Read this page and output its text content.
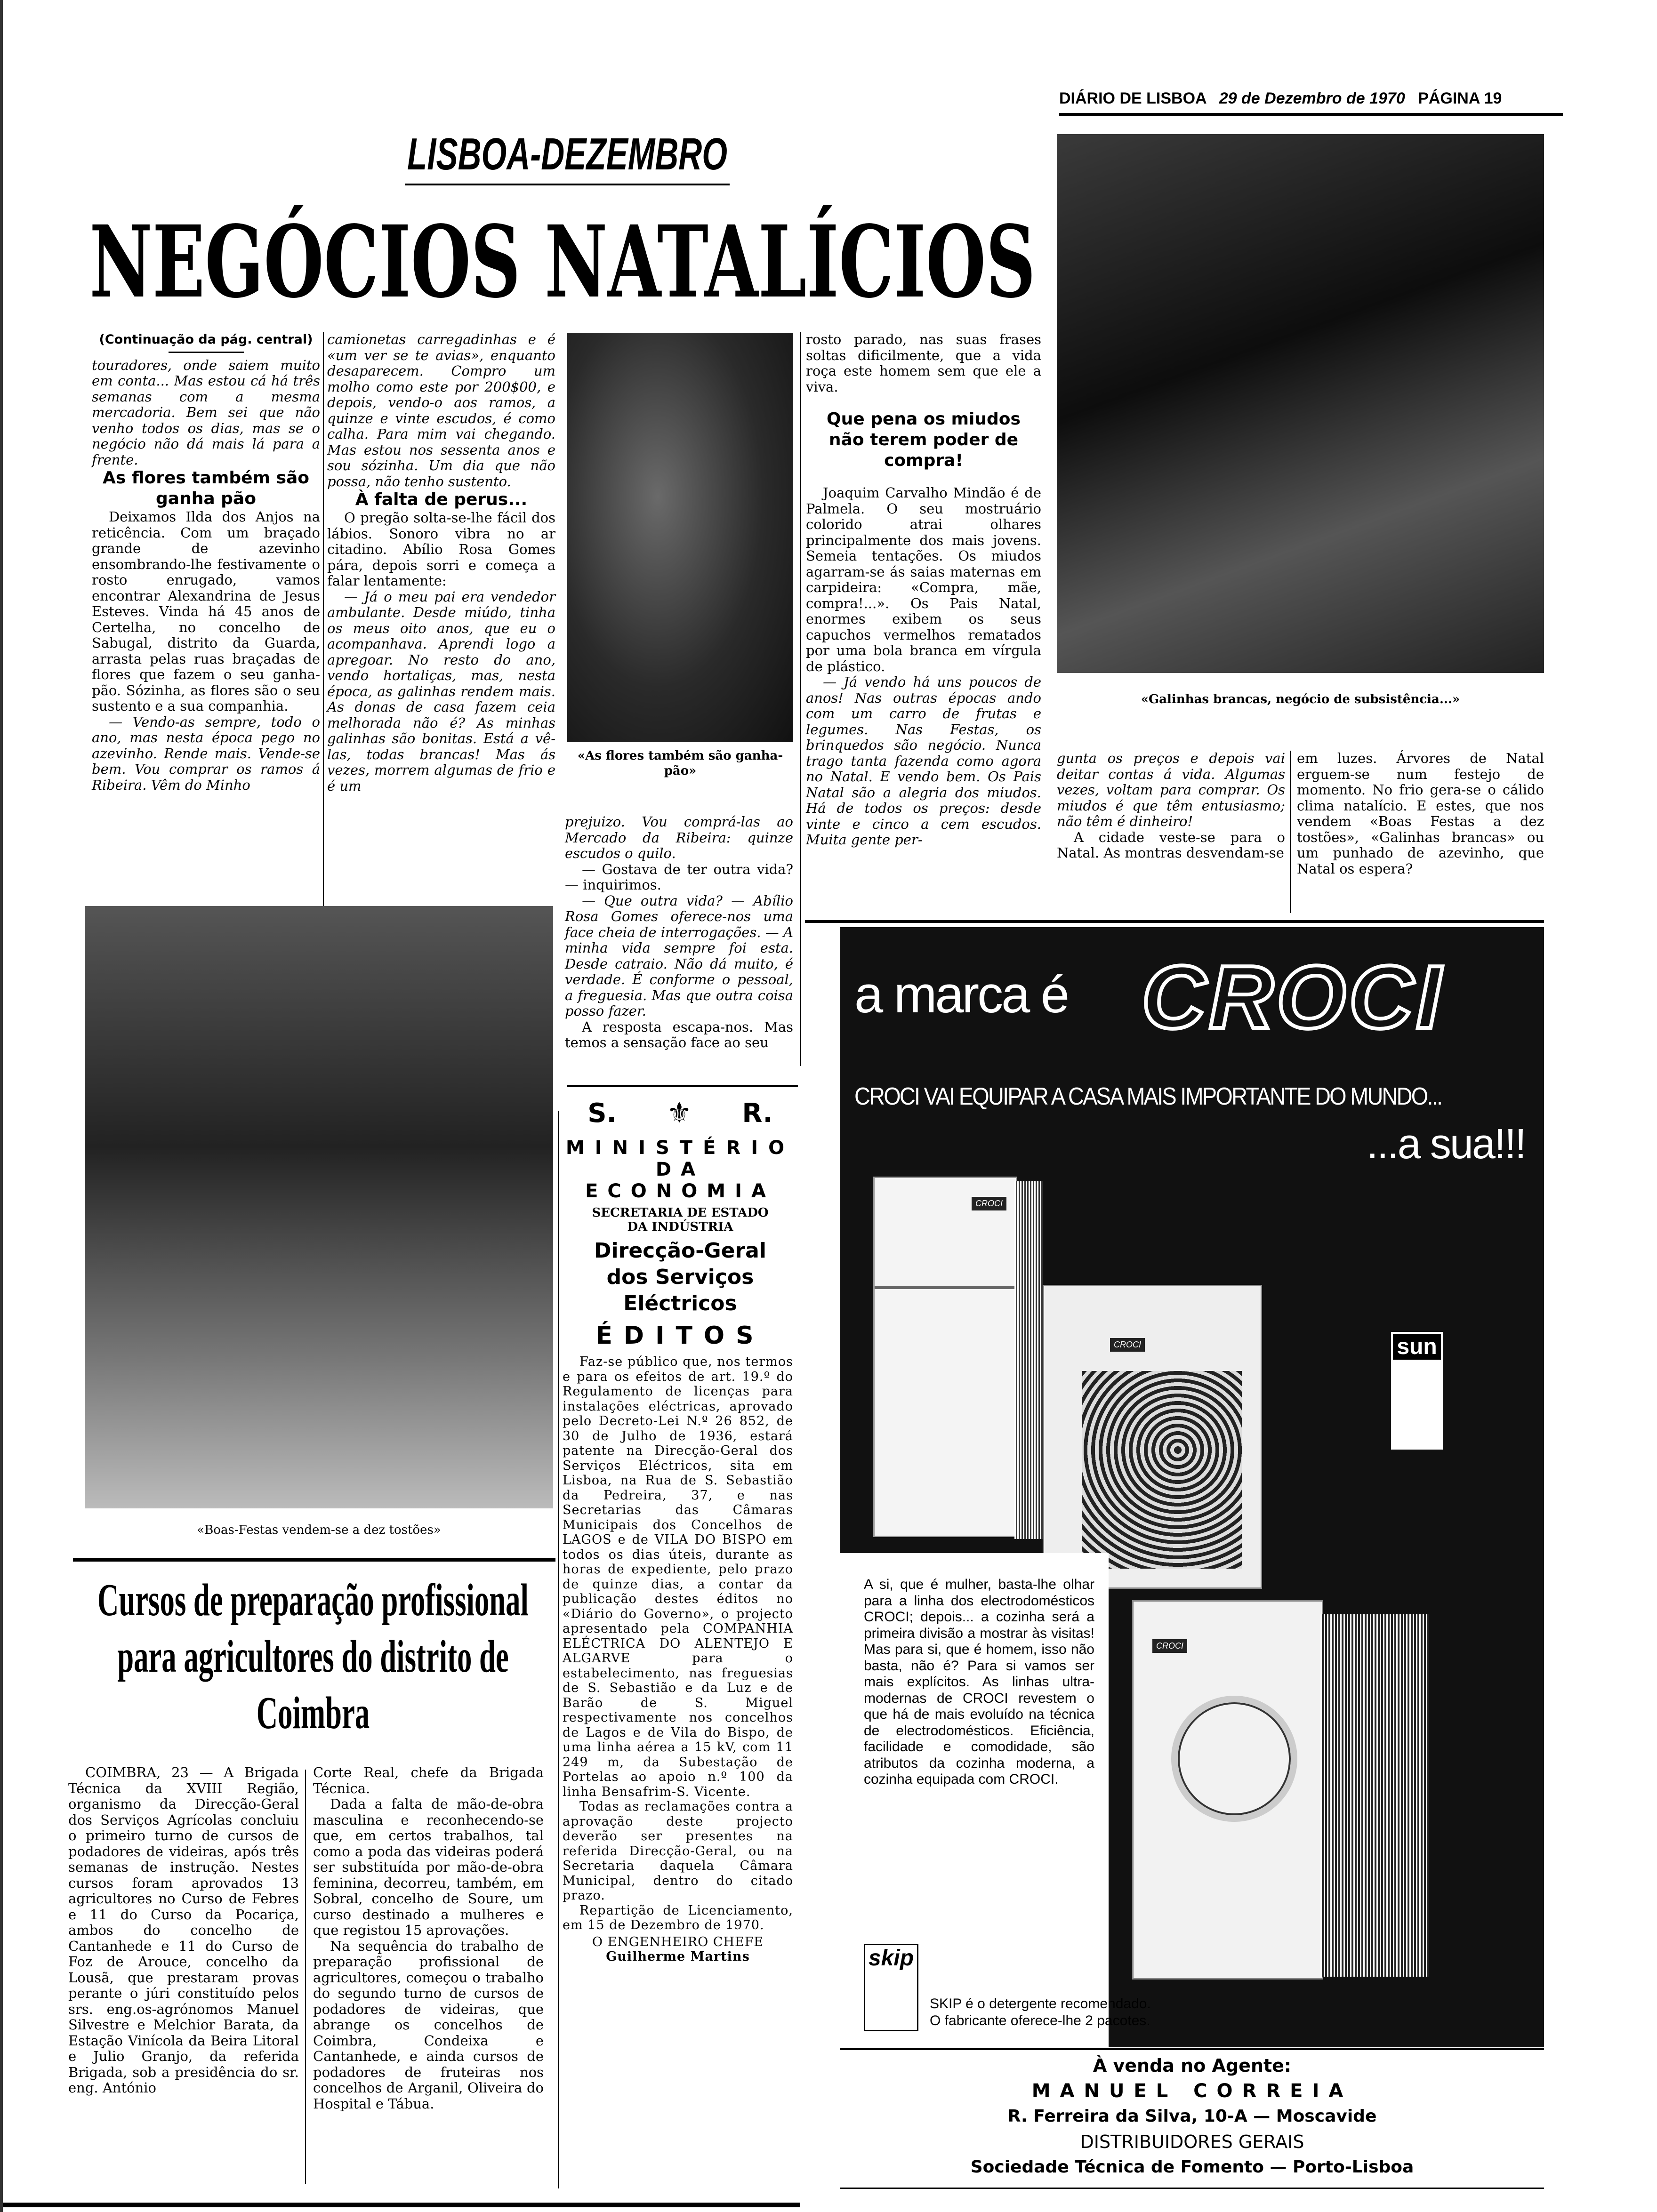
DIÁRIO DE LISBOA 29 de Dezembro de 1970 PÁGINA 19
LISBOA-DEZEMBRO
NEGÓCIOS NATALÍCIOS

(Continuação da pág. central)

touradores, onde saiem muito em conta... Mas estou cá há três semanas com a mesma mercadoria. Bem sei que não venho todos os dias, mas se o negócio não dá mais lá para a frente.

As flores também são ganha pão

Deixamos Ilda dos Anjos na reticência. Com um braçado grande de azevinho ensombrando-lhe festivamente o rosto enrugado, vamos encontrar Alexandrina de Jesus Esteves. Vinda há 45 anos de Certelha, no concelho de Sabugal, distrito da Guarda, arrasta pelas ruas braçadas de flores que fazem o seu ganha-pão. Sózinha, as flores são o seu sustento e a sua companhia.

— Vendo-as sempre, todo o ano, mas nesta época pego no azevinho. Rende mais. Vende-se bem. Vou comprar os ramos á Ribeira. Vêm do Minho

camionetas carregadinhas e é «um ver se te avias», enquanto desaparecem. Compro um molho como este por 200$00, e depois, vendo-o aos ramos, a quinze e vinte escudos, é como calha. Para mim vai chegando. Mas estou nos sessenta anos e sou sózinha. Um dia que não possa, não tenho sustento.

À falta de perus...

O pregão solta-se-lhe fácil dos lábios. Sonoro vibra no ar citadino. Abílio Rosa Gomes pára, depois sorri e começa a falar lentamente:

— Já o meu pai era vendedor ambulante. Desde miúdo, tinha os meus oito anos, que eu o acompanhava. Aprendi logo a apregoar. No resto do ano, vendo hortaliças, mas, nesta época, as galinhas rendem mais. As donas de casa fazem ceia melhorada não é? As minhas galinhas são bonitas. Está a vê-las, todas brancas! Mas ás vezes, morrem algumas de frio e é um

«As flores também são ganha-pão»

prejuizo. Vou comprá-las ao Mercado da Ribeira: quinze escudos o quilo.

— Gostava de ter outra vida? — inquirimos.

— Que outra vida? — Abílio Rosa Gomes oferece-nos uma face cheia de interrogações. — A minha vida sempre foi esta. Desde catraio. Não dá muito, é verdade. É conforme o pessoal, a freguesia. Mas que outra coisa posso fazer.

A resposta escapa-nos. Mas temos a sensação face ao seu

rosto parado, nas suas frases soltas dificilmente, que a vida roça este homem sem que ele a viva.

Que pena os miudos não terem poder de compra!

Joaquim Carvalho Mindão é de Palmela. O seu mostruário colorido atrai olhares principalmente dos mais jovens. Semeia tentações. Os miudos agarram-se ás saias maternas em carpideira: «Compra, mãe, compra!...». Os Pais Natal, enormes exibem os seus capuchos vermelhos rematados por uma bola branca em vírgula de plástico.

— Já vendo há uns poucos de anos! Nas outras épocas ando com um carro de frutas e legumes. Nas Festas, os brinquedos são negócio. Nunca trago tanta fazenda como agora no Natal. E vendo bem. Os Pais Natal são a alegria dos miudos. Há de todos os preços: desde vinte e cinco a cem escudos. Muita gente per-

«Galinhas brancas, negócio de subsistência...»

gunta os preços e depois vai deitar contas á vida. Algumas vezes, voltam para comprar. Os miudos é que têm entusiasmo; não têm é dinheiro!

A cidade veste-se para o Natal. As montras desvendam-se

em luzes. Árvores de Natal erguem-se num festejo de momento. No frio gera-se o cálido clima natalício. E estes, que nos vendem «Boas Festas a dez tostões», «Galinhas brancas» ou um punhado de azevinho, que Natal os espera?

«Boas-Festas vendem-se a dez tostões»
Cursos de preparação profissional para agricultores do distrito de Coimbra

COIMBRA, 23 — A Brigada Técnica da XVIII Região, organismo da Direcção-Geral dos Serviços Agrícolas concluiu o primeiro turno de cursos de podadores de videiras, após três semanas de instrução. Nestes cursos foram aprovados 13 agricultores no Curso de Febres e 11 do Curso da Pocariça, ambos do concelho de Cantanhede e 11 do Curso de Foz de Arouce, concelho da Lousã, que prestaram provas perante o júri constituído pelos srs. eng.os-agrónomos Manuel Silvestre e Melchior Barata, da Estação Vinícola da Beira Litoral e Julio Granjo, da referida Brigada, sob a presidência do sr. eng. António

Corte Real, chefe da Brigada Técnica.

Dada a falta de mão-de-obra masculina e reconhecendo-se que, em certos trabalhos, tal como a poda das videiras poderá ser substituída por mão-de-obra feminina, decorreu, também, em Sobral, concelho de Soure, um curso destinado a mulheres e que registou 15 aprovações.

Na sequência do trabalho de preparação profissional de agricultores, começou o trabalho do segundo turno de cursos de podadores de videiras, que abrange os concelhos de Coimbra, Condeixa e Cantanhede, e ainda cursos de podadores de fruteiras nos concelhos de Arganil, Oliveira do Hospital e Tábua.

S. ⚜ R.
MINISTÉRIO
DA ECONOMIA
SECRETARIA DE ESTADO DA INDÚSTRIA
Direcção-Geral dos Serviços Eléctricos
ÉDITOS

Faz-se público que, nos termos e para os efeitos de art. 19.º do Regulamento de licenças para instalações eléctricas, aprovado pelo Decreto-Lei N.º 26 852, de 30 de Julho de 1936, estará patente na Direcção-Geral dos Serviços Eléctricos, sita em Lisboa, na Rua de S. Sebastião da Pedreira, 37, e nas Secretarias das Câmaras Municipais dos Concelhos de LAGOS e de VILA DO BISPO em todos os dias úteis, durante as horas de expediente, pelo prazo de quinze dias, a contar da publicação destes éditos no «Diário do Governo», o projecto apresentado pela COMPANHIA ELÉCTRICA DO ALENTEJO E ALGARVE para o estabelecimento, nas freguesias de S. Sebastião e da Luz e de Barão de S. Miguel respectivamente nos concelhos de Lagos e de Vila do Bispo, de uma linha aérea a 15 kV, com 11 249 m, da Subestação de Portelas ao apoio n.º 100 da linha Bensafrim-S. Vicente.

Todas as reclamações contra a aprovação deste projecto deverão ser presentes na referida Direcção-Geral, ou na Secretaria daquela Câmara Municipal, dentro do citado prazo.

Repartição de Licenciamento, em 15 de Dezembro de 1970.

O ENGENHEIRO CHEFE
Guilherme Martins
a marca é CROCI
CROCI VAI EQUIPAR A CASA MAIS IMPORTANTE DO MUNDO...
...a sua!!!
CROCI
CROCI	sun
A si, que é mulher, basta-lhe olhar para a linha dos electrodomésticos CROCI; depois... a cozinha será a primeira divisão a mostrar às visitas! Mas para si, que é homem, isso não basta, não é? Para si vamos ser mais explícitos. As linhas ultra-modernas de CROCI revestem o que há de mais evoluído na técnica de electrodomésticos. Eficiência, facilidade e comodidade, são atributos da cozinha moderna, a cozinha equipada com CROCI.
CROCI
skip
SKIP é o detergente recomendado.
O fabricante oferece-lhe 2 pacotes.
À venda no Agente:
MANUEL CORREIA
R. Ferreira da Silva, 10-A — Moscavide
DISTRIBUIDORES GERAIS
Sociedade Técnica de Fomento — Porto-Lisboa
